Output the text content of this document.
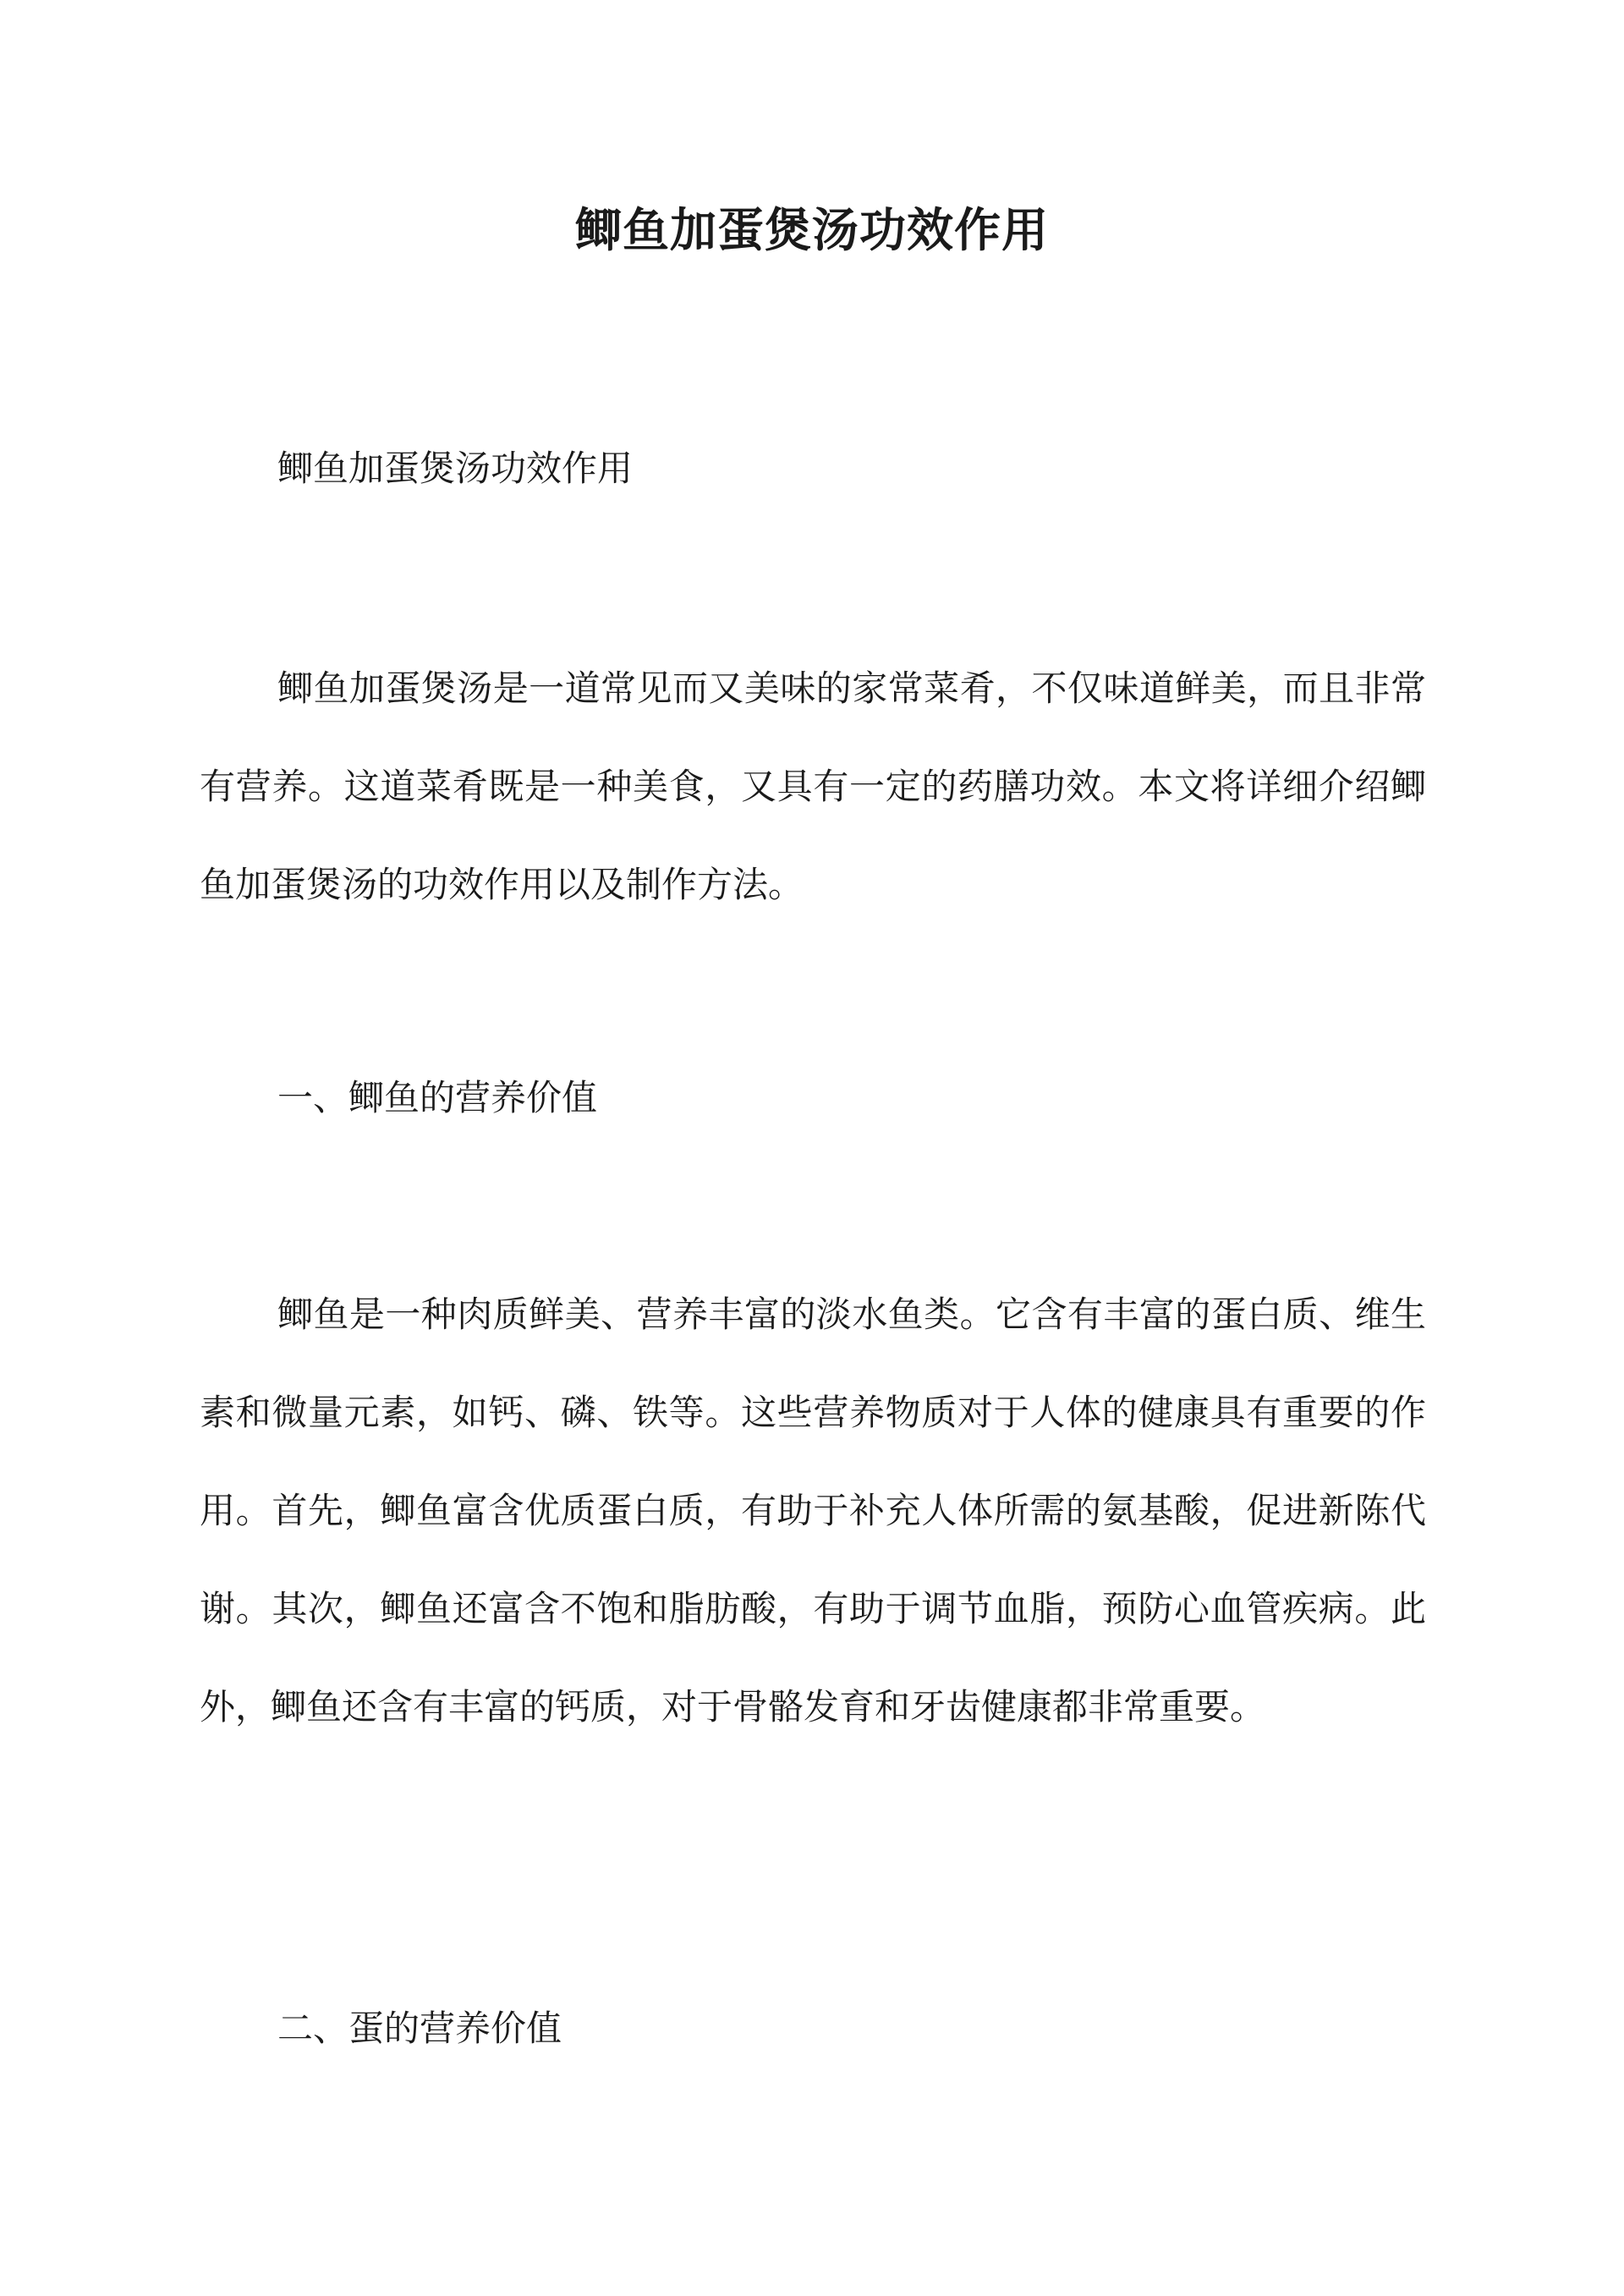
鲫鱼加蛋煲汤功效作用

鲫鱼加蛋煲汤功效作用

鲫鱼加蛋煲汤是一道常见而又美味的家常菜肴，不仅味道鲜美，而且非常有营养。这道菜肴既是一种美食，又具有一定的药膳功效。本文将详细介绍鲫鱼加蛋煲汤的功效作用以及制作方法。

一、鲫鱼的营养价值

鲫鱼是一种肉质鲜美、营养丰富的淡水鱼类。它含有丰富的蛋白质、维生素和微量元素，如钙、磷、铁等。这些营养物质对于人体的健康具有重要的作用。首先，鲫鱼富含优质蛋白质，有助于补充人体所需的氨基酸，促进新陈代谢。其次，鲫鱼还富含不饱和脂肪酸，有助于调节血脂，预防心血管疾病。此外，鲫鱼还含有丰富的钙质，对于骨骼发育和牙齿健康都非常重要。

二、蛋的营养价值
